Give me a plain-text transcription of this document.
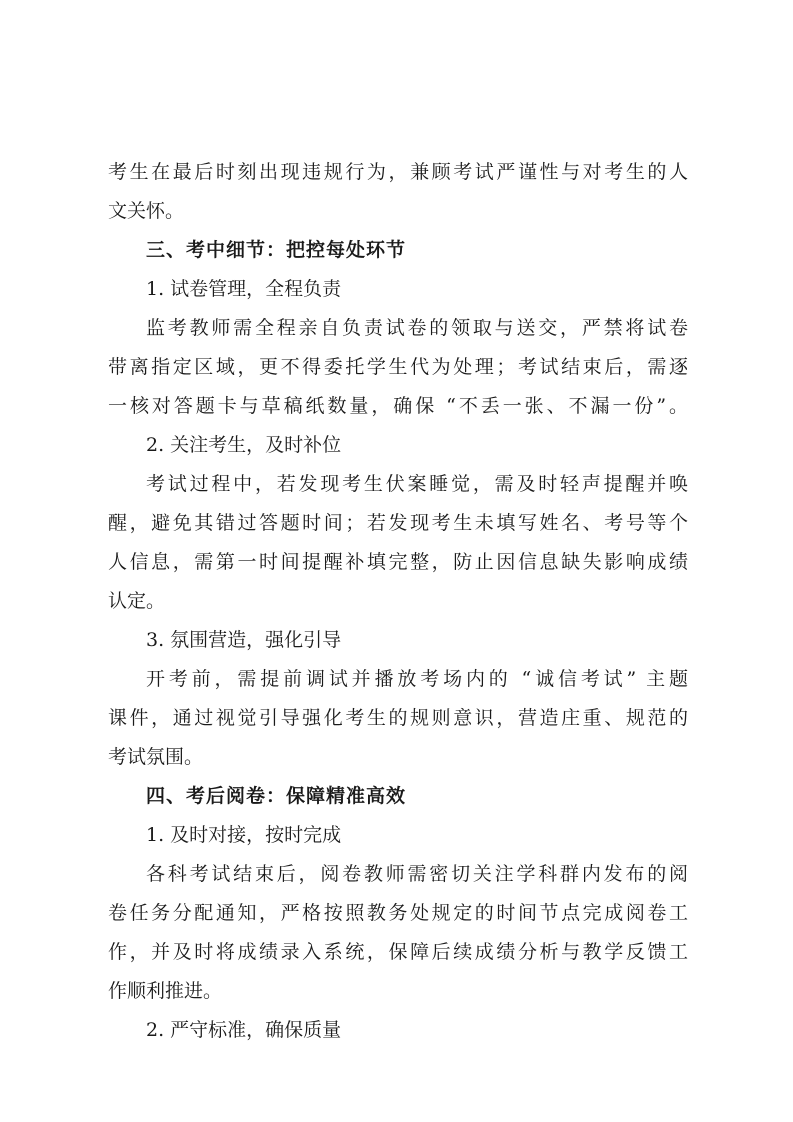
考生在最后时刻出现违规行为，兼顾考试严谨性与对考生的人
文关怀。
三、考中细节：把控每处环节
1. 试卷管理，全程负责
监考教师需全程亲自负责试卷的领取与送交，严禁将试卷
带离指定区域，更不得委托学生代为处理；考试结束后，需逐
一核对答题卡与草稿纸数量，确保 “不丢一张、不漏一份”。
2. 关注考生，及时补位
考试过程中，若发现考生伏案睡觉，需及时轻声提醒并唤
醒，避免其错过答题时间；若发现考生未填写姓名、考号等个
人信息，需第一时间提醒补填完整，防止因信息缺失影响成绩
认定。
3. 氛围营造，强化引导
开考前，需提前调试并播放考场内的 “诚信考试” 主题
课件，通过视觉引导强化考生的规则意识，营造庄重、规范的
考试氛围。
四、考后阅卷：保障精准高效
1. 及时对接，按时完成
各科考试结束后，阅卷教师需密切关注学科群内发布的阅
卷任务分配通知，严格按照教务处规定的时间节点完成阅卷工
作，并及时将成绩录入系统，保障后续成绩分析与教学反馈工
作顺利推进。
2. 严守标准，确保质量
